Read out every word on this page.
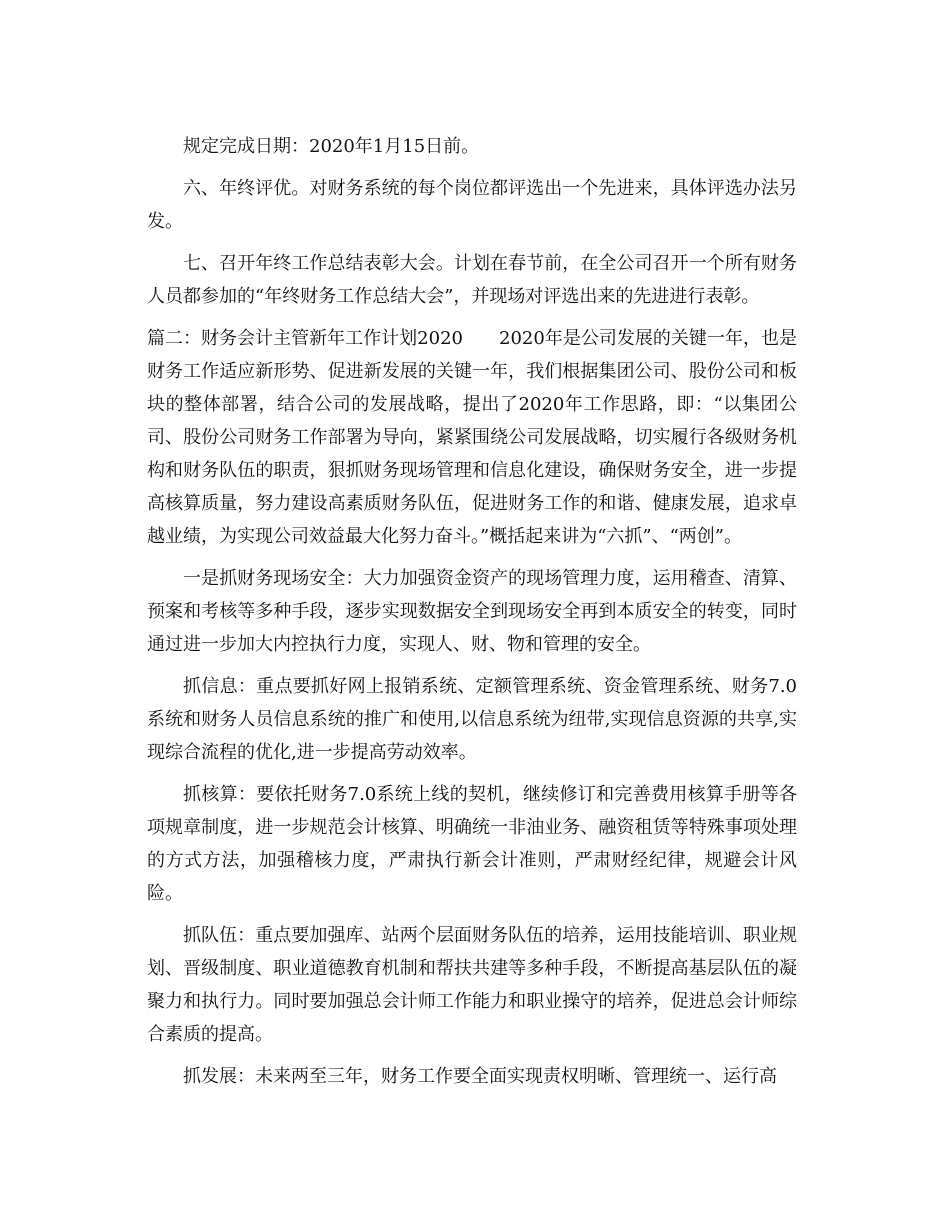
规定完成日期：2020年1月15日前。

六、年终评优。对财务系统的每个岗位都评选出一个先进来，具体评选办法另发。

七、召开年终工作总结表彰大会。计划在春节前，在全公司召开一个所有财务人员都参加的“年终财务工作总结大会”，并现场对评选出来的先进进行表彰。

篇二：财务会计主管新年工作计划2020　　2020年是公司发展的关键一年，也是财务工作适应新形势、促进新发展的关键一年，我们根据集团公司、股份公司和板块的整体部署，结合公司的发展战略，提出了2020年工作思路，即：“以集团公司、股份公司财务工作部署为导向，紧紧围绕公司发展战略，切实履行各级财务机构和财务队伍的职责，狠抓财务现场管理和信息化建设，确保财务安全，进一步提高核算质量，努力建设高素质财务队伍，促进财务工作的和谐、健康发展，追求卓越业绩，为实现公司效益最大化努力奋斗。”概括起来讲为“六抓”、“两创”。

一是抓财务现场安全：大力加强资金资产的现场管理力度，运用稽查、清算、预案和考核等多种手段，逐步实现数据安全到现场安全再到本质安全的转变，同时通过进一步加大内控执行力度，实现人、财、物和管理的安全。

抓信息：重点要抓好网上报销系统、定额管理系统、资金管理系统、财务7.0系统和财务人员信息系统的推广和使用,以信息系统为纽带,实现信息资源的共享,实现综合流程的优化,进一步提高劳动效率。

抓核算：要依托财务7.0系统上线的契机，继续修订和完善费用核算手册等各项规章制度，进一步规范会计核算、明确统一非油业务、融资租赁等特殊事项处理的方式方法，加强稽核力度，严肃执行新会计准则，严肃财经纪律，规避会计风险。

抓队伍：重点要加强库、站两个层面财务队伍的培养，运用技能培训、职业规划、晋级制度、职业道德教育机制和帮扶共建等多种手段，不断提高基层队伍的凝聚力和执行力。同时要加强总会计师工作能力和职业操守的培养，促进总会计师综合素质的提高。

抓发展：未来两至三年，财务工作要全面实现责权明晰、管理统一、运行高
